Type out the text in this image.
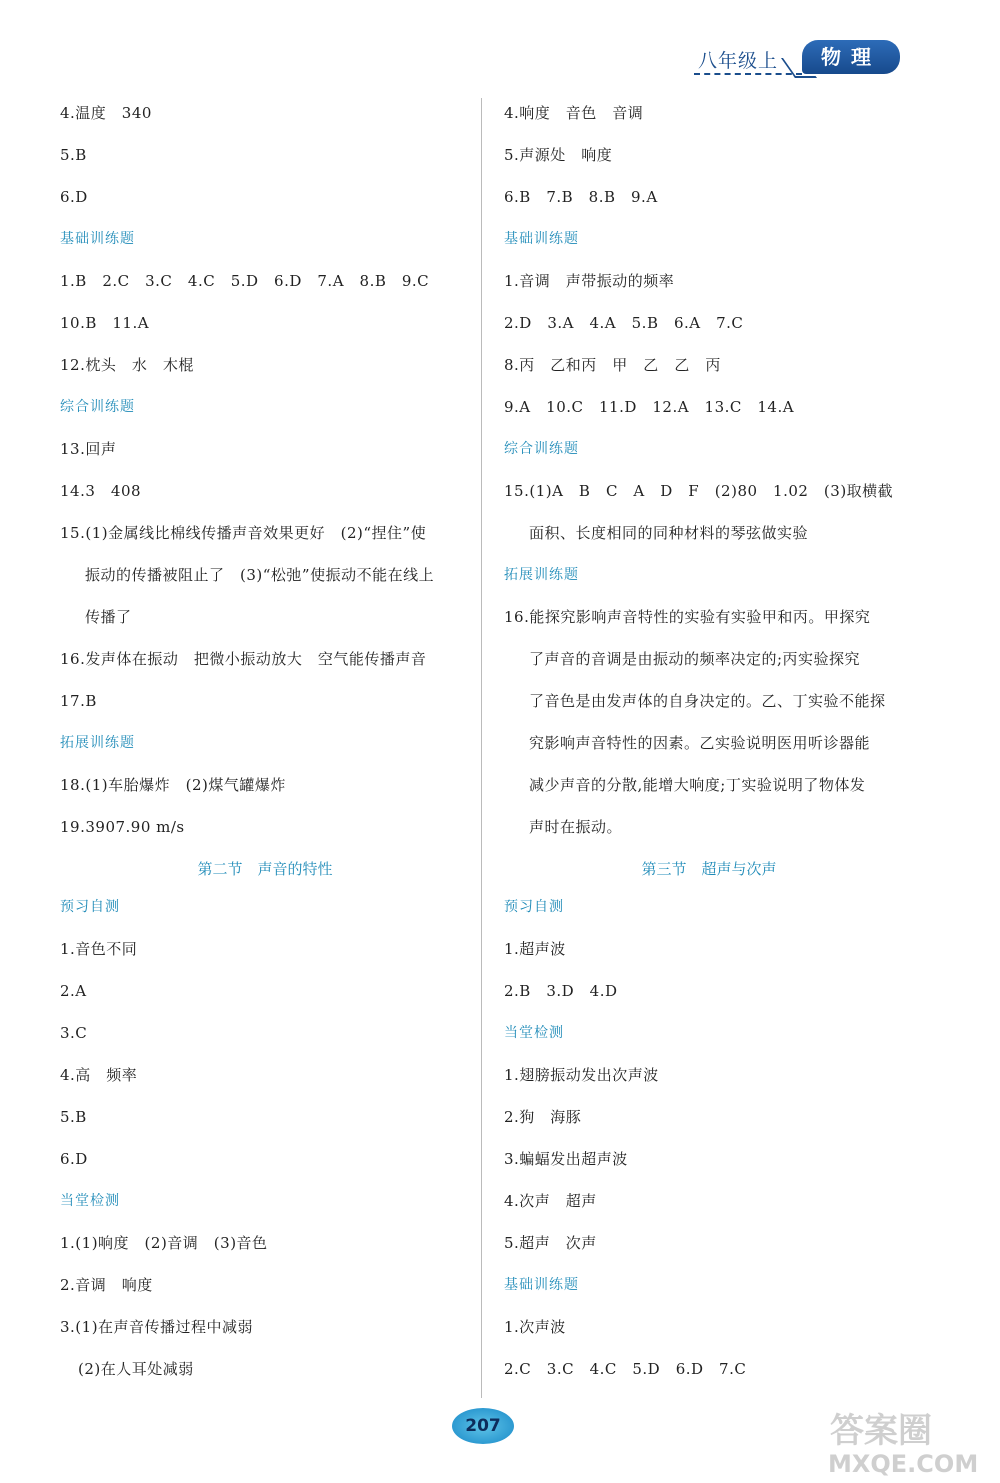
八年级上	物理
4.温度　340
5.B
6.D
基础训练题
1.B　2.C　3.C　4.C　5.D　6.D　7.A　8.B　9.C
10.B　11.A
12.枕头　水　木棍
综合训练题
13.回声
14.3　408
15.(1)金属线比棉线传播声音效果更好　(2)“捏住”使
振动的传播被阻止了　(3)“松弛”使振动不能在线上
传播了
16.发声体在振动　把微小振动放大　空气能传播声音
17.B
拓展训练题
18.(1)车胎爆炸　(2)煤气罐爆炸
19.3907.90 m/s
第二节　声音的特性
预习自测
1.音色不同
2.A
3.C
4.高　频率
5.B
6.D
当堂检测
1.(1)响度　(2)音调　(3)音色
2.音调　响度
3.(1)在声音传播过程中减弱
(2)在人耳处减弱
4.响度　音色　音调
5.声源处　响度
6.B　7.B　8.B　9.A
基础训练题
1.音调　声带振动的频率
2.D　3.A　4.A　5.B　6.A　7.C
8.丙　乙和丙　甲　乙　乙　丙
9.A　10.C　11.D　12.A　13.C　14.A
综合训练题
15.(1)A　B　C　A　D　F　(2)80　1.02　(3)取横截
面积、长度相同的同种材料的琴弦做实验
拓展训练题
16.能探究影响声音特性的实验有实验甲和丙。甲探究
了声音的音调是由振动的频率决定的;丙实验探究
了音色是由发声体的自身决定的。乙、丁实验不能探
究影响声音特性的因素。乙实验说明医用听诊器能
减少声音的分散,能增大响度;丁实验说明了物体发
声时在振动。
第三节　超声与次声
预习自测
1.超声波
2.B　3.D　4.D
当堂检测
1.翅膀振动发出次声波
2.狗　海豚
3.蝙蝠发出超声波
4.次声　超声
5.超声　次声
基础训练题
1.次声波
2.C　3.C　4.C　5.D　6.D　7.C
207	答案圈
MXQE.COM
